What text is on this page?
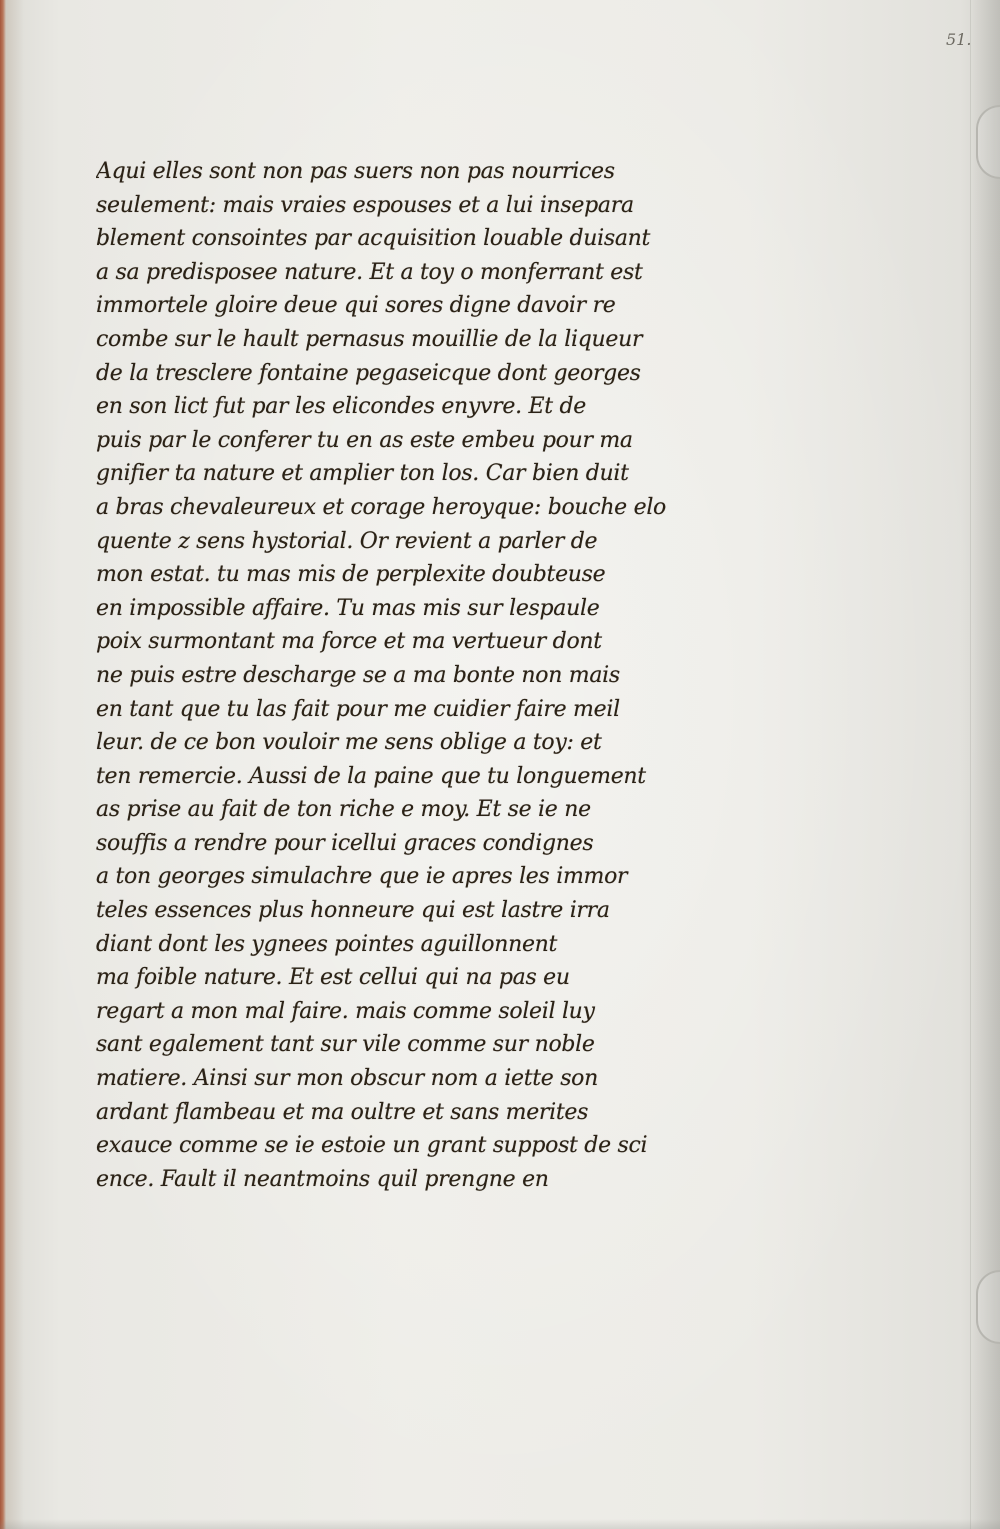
51.
Aqui elles sont non pas suers non pas nourrices
seulement: mais vraies espouses et a lui insepara
blement consointes par acquisition louable duisant
a sa predisposee nature. Et a toy o monferrant est
immortele gloire deue qui sores digne davoir re
combe sur le hault pernasus mouillie de la liqueur
de la tresclere fontaine pegaseicque dont georges
en son lict fut par les elicondes enyvre. Et de
puis par le conferer tu en as este embeu pour ma
gnifier ta nature et amplier ton los. Car bien duit
a bras chevaleureux et corage heroyque: bouche elo
quente z sens hystorial. Or revient a parler de
mon estat. tu mas mis de perplexite doubteuse
en impossible affaire. Tu mas mis sur lespaule
poix surmontant ma force et ma vertueur dont
ne puis estre descharge se a ma bonte non mais
en tant que tu las fait pour me cuidier faire meil
leur. de ce bon vouloir me sens oblige a toy: et
ten remercie. Aussi de la paine que tu longuement
as prise au fait de ton riche e moy. Et se ie ne
souffis a rendre pour icellui graces condignes
a ton georges simulachre que ie apres les immor
teles essences plus honneure qui est lastre irra
diant dont les ygnees pointes aguillonnent
ma foible nature. Et est cellui qui na pas eu
regart a mon mal faire. mais comme soleil luy
sant egalement tant sur vile comme sur noble
matiere. Ainsi sur mon obscur nom a iette son
ardant flambeau et ma oultre et sans merites
exauce comme se ie estoie un grant suppost de sci
ence. Fault il neantmoins quil prengne en
